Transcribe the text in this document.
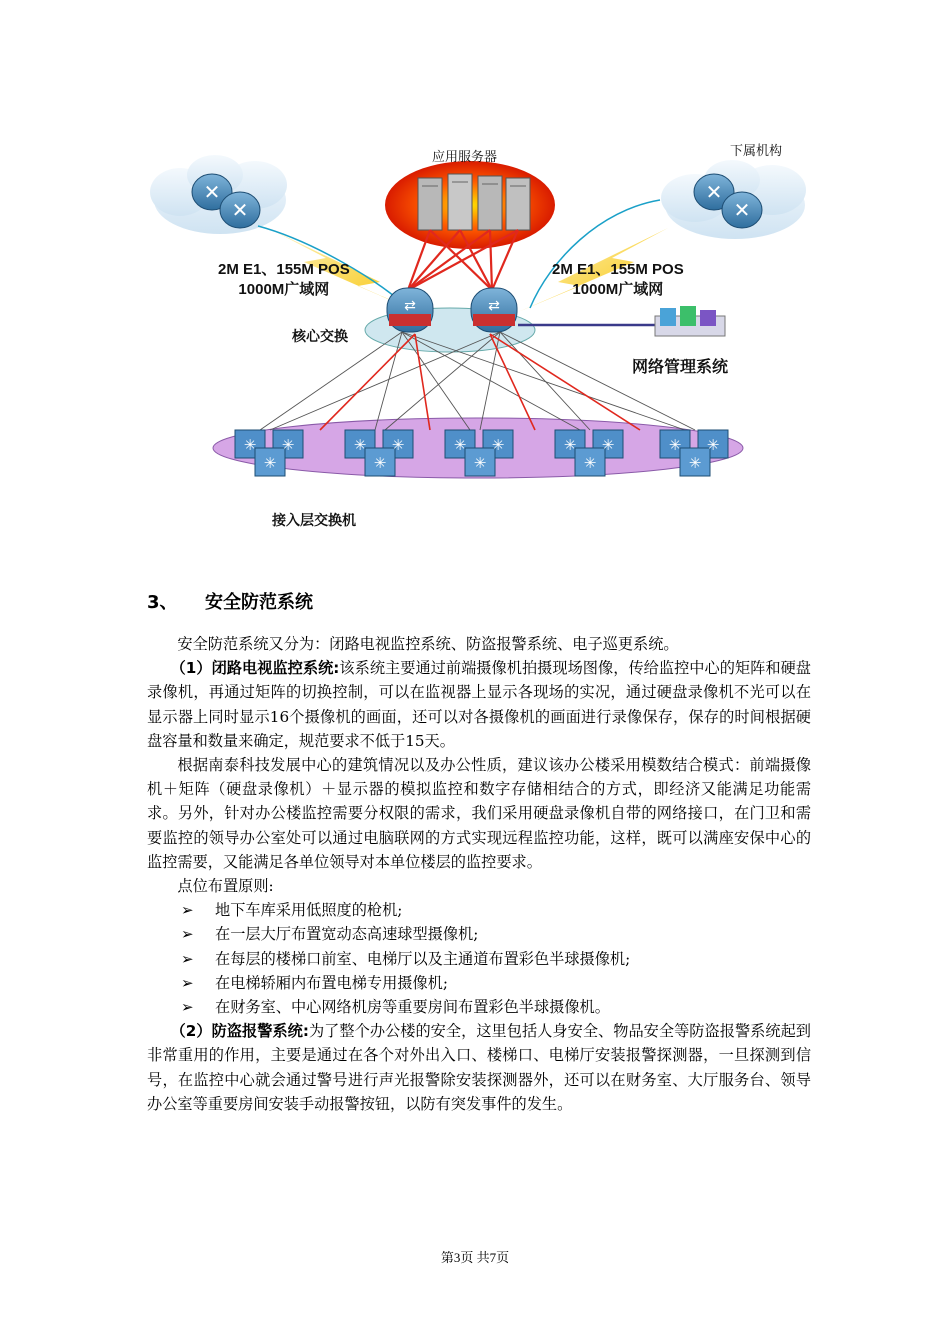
✕
✕
✕
✕
⇄	⇄
✳ ✳
✳
✳ ✳
✳
✳ ✳
✳
✳ ✳
✳
✳ ✳
✳
应用服务器	下属机构
2M E1、155M POS
1000M广域网
2M E1、155M POS
1000M广域网
核心交换
网络管理系统
接入层交换机
3、 安全防范系统

安全防范系统又分为：闭路电视监控系统、防盗报警系统、电子巡更系统。

（1）闭路电视监控系统:该系统主要通过前端摄像机拍摄现场图像，传给监控中心的矩阵和硬盘录像机，再通过矩阵的切换控制，可以在监视器上显示各现场的实况，通过硬盘录像机不光可以在显示器上同时显示16个摄像机的画面，还可以对各摄像机的画面进行录像保存，保存的时间根据硬盘容量和数量来确定，规范要求不低于15天。

根据南泰科技发展中心的建筑情况以及办公性质，建议该办公楼采用模数结合模式：前端摄像机＋矩阵（硬盘录像机）＋显示器的模拟监控和数字存储相结合的方式，即经济又能满足功能需求。另外，针对办公楼监控需要分权限的需求，我们采用硬盘录像机自带的网络接口，在门卫和需要监控的领导办公室处可以通过电脑联网的方式实现远程监控功能，这样，既可以满座安保中心的监控需要，又能满足各单位领导对本单位楼层的监控要求。

点位布置原则:

➢ 地下车库采用低照度的枪机;
➢ 在一层大厅布置宽动态高速球型摄像机;
➢ 在每层的楼梯口前室、电梯厅以及主通道布置彩色半球摄像机;
➢ 在电梯轿厢内布置电梯专用摄像机;
➢ 在财务室、中心网络机房等重要房间布置彩色半球摄像机。

（2）防盗报警系统:为了整个办公楼的安全，这里包括人身安全、物品安全等防盗报警系统起到非常重用的作用，主要是通过在各个对外出入口、楼梯口、电梯厅安装报警探测器，一旦探测到信号，在监控中心就会通过警号进行声光报警除安装探测器外，还可以在财务室、大厅服务台、领导办公室等重要房间安装手动报警按钮，以防有突发事件的发生。

第3页 共7页
